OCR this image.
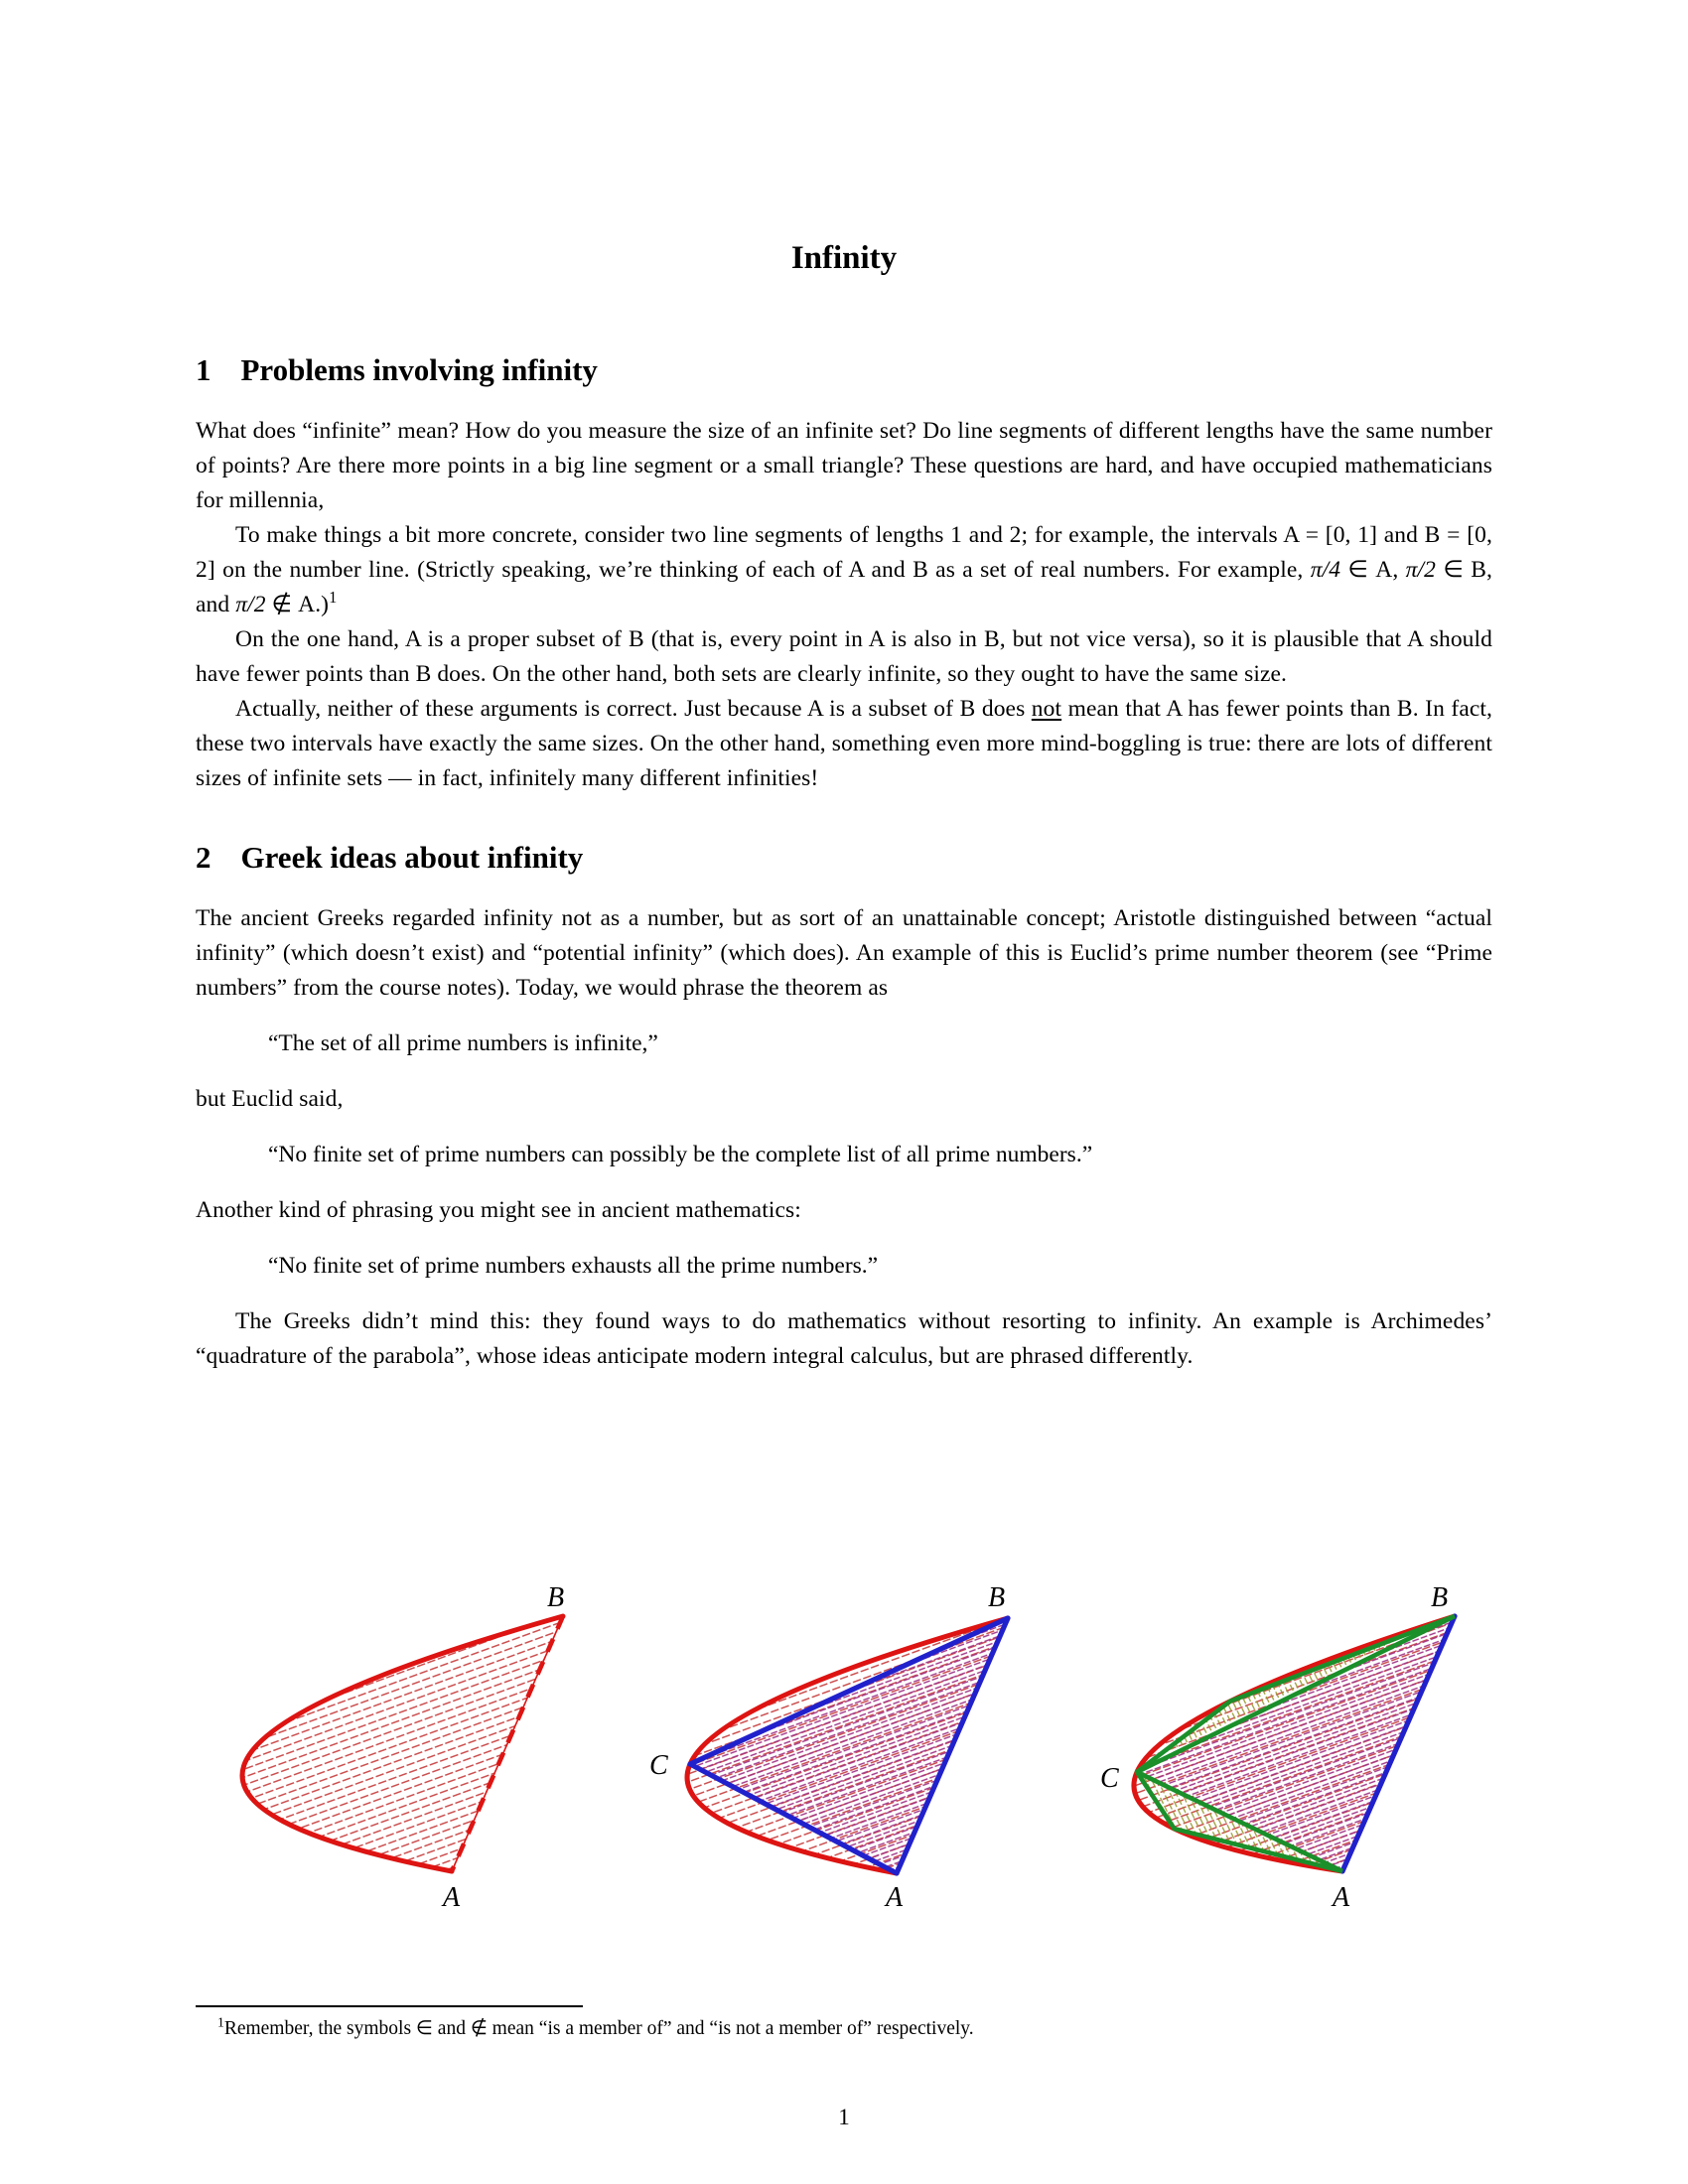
Infinity
1 Problems involving infinity
What does “infinite” mean? How do you measure the size of an infinite set? Do line segments of different lengths have the same number of points? Are there more points in a big line segment or a small triangle? These questions are hard, and have occupied mathematicians for millennia,
To make things a bit more concrete, consider two line segments of lengths 1 and 2; for example, the intervals A = [0, 1] and B = [0, 2] on the number line. (Strictly speaking, we’re thinking of each of A and B as a set of real numbers. For example, π/4 ∈ A, π/2 ∈ B, and π/2 ∉ A.)$^1$
On the one hand, A is a proper subset of B (that is, every point in A is also in B, but not vice versa), so it is plausible that A should have fewer points than B does. On the other hand, both sets are clearly infinite, so they ought to have the same size.
Actually, neither of these arguments is correct. Just because A is a subset of B does not mean that A has fewer points than B. In fact, these two intervals have exactly the same sizes. On the other hand, something even more mind-boggling is true: there are lots of different sizes of infinite sets — in fact, infinitely many different infinities!
2 Greek ideas about infinity
The ancient Greeks regarded infinity not as a number, but as sort of an unattainable concept; Aristotle distinguished between “actual infinity” (which doesn’t exist) and “potential infinity” (which does). An example of this is Euclid’s prime number theorem (see “Prime numbers” from the course notes). Today, we would phrase the theorem as
“The set of all prime numbers is infinite,”
but Euclid said,
“No finite set of prime numbers can possibly be the complete list of all prime numbers.”
Another kind of phrasing you might see in ancient mathematics:
“No finite set of prime numbers exhausts all the prime numbers.”
The Greeks didn’t mind this: they found ways to do mathematics without resorting to infinity. An example is Archimedes’ “quadrature of the parabola”, whose ideas anticipate modern integral calculus, but are phrased differently.
B
A
B
C
A
B
C
A
$^1$Remember, the symbols ∈ and ∉ mean “is a member of” and “is not a member of” respectively.
1
